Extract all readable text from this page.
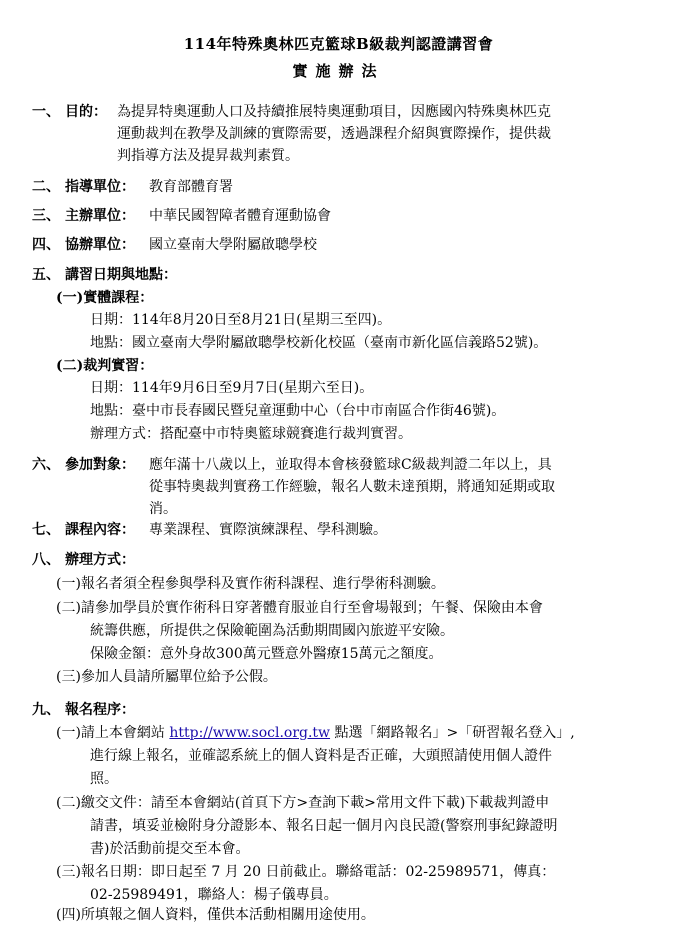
114年特殊奧林匹克籃球B級裁判認證講習會
實施辦法
一、 目的： 為提昇特奧運動人口及持續推展特奧運動項目，因應國內特殊奧林匹克
運動裁判在教學及訓練的實際需要，透過課程介紹與實際操作，提供裁
判指導方法及提昇裁判素質。
二、 指導單位： 教育部體育署
三、 主辦單位： 中華民國智障者體育運動協會
四、 協辦單位： 國立臺南大學附屬啟聰學校
五、 講習日期與地點：
(一)實體課程：
日期：114年8月20日至8月21日(星期三至四)。
地點：國立臺南大學附屬啟聰學校新化校區（臺南市新化區信義路52號)。
(二)裁判實習：
日期：114年9月6日至9月7日(星期六至日)。
地點：臺中市長春國民暨兒童運動中心（台中市南區合作街46號)。
辦理方式：搭配臺中市特奧籃球競賽進行裁判實習。
六、 參加對象： 應年滿十八歲以上，並取得本會核發籃球C級裁判證二年以上，具
從事特奧裁判實務工作經驗，報名人數未達預期，將通知延期或取
消。
七、 課程內容： 專業課程、實際演練課程、學科測驗。
八、 辦理方式：
(一)報名者須全程參與學科及實作術科課程、進行學術科測驗。
(二)請參加學員於實作術科日穿著體育服並自行至會場報到；午餐、保險由本會
統籌供應，所提供之保險範圍為活動期間國內旅遊平安險。
保險金額：意外身故300萬元暨意外醫療15萬元之額度。
(三)參加人員請所屬單位給予公假。
九、 報名程序：
(一)請上本會網站 http://www.socl.org.tw 點選「網路報名」>「研習報名登入」,
進行線上報名，並確認系統上的個人資料是否正確，大頭照請使用個人證件
照。
(二)繳交文件：請至本會網站(首頁下方>查詢下載>常用文件下載)下載裁判證申
請書，填妥並檢附身分證影本、報名日起一個月內良民證(警察刑事紀錄證明
書)於活動前提交至本會。
(三)報名日期：即日起至 7 月 20 日前截止。聯絡電話：02-25989571，傳真：
02-25989491，聯絡人：楊子儀專員。
(四)所填報之個人資料，僅供本活動相關用途使用。
